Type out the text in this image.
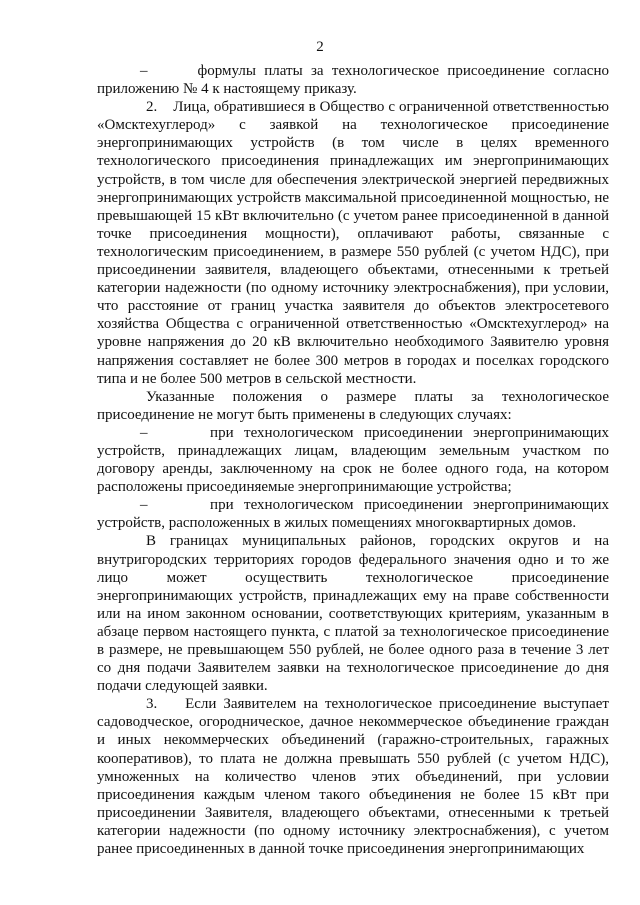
2

–      формулы платы за технологическое присоединение согласно приложению № 4 к настоящему приказу.

2.    Лица, обратившиеся в Общество с ограниченной ответственностью «Омсктехуглерод» с заявкой на технологическое присоединение энергопринимающих устройств (в том числе в целях временного технологического присоединения принадлежащих им энергопринимающих устройств, в том числе для обеспечения электрической энергией передвижных энергопринимающих устройств максимальной присоединенной мощностью, не превышающей 15 кВт включительно (с учетом ранее присоединенной в данной точке присоединения мощности), оплачивают работы, связанные с технологическим присоединением, в размере 550 рублей (с учетом НДС), при присоединении заявителя, владеющего объектами, отнесенными к третьей категории надежности (по одному источнику электроснабжения), при условии, что расстояние от границ участка заявителя до объектов электросетевого хозяйства Общества с ограниченной ответственностью «Омсктехуглерод» на уровне напряжения до 20 кВ включительно необходимого Заявителю уровня напряжения составляет не более 300 метров в городах и поселках городского типа и не более 500 метров в сельской местности.

Указанные положения о размере платы за технологическое присоединение не могут быть применены в следующих случаях:

–      при технологическом присоединении энергопринимающих устройств, принадлежащих лицам, владеющим земельным участком по договору аренды, заключенному на срок не более одного года, на котором расположены присоединяемые энергопринимающие устройства;

–      при технологическом присоединении энергопринимающих устройств, расположенных в жилых помещениях многоквартирных домов.

В границах муниципальных районов, городских округов и на внутригородских территориях городов федерального значения одно и то же лицо может осуществить технологическое присоединение энергопринимающих устройств, принадлежащих ему на праве собственности или на ином законном основании, соответствующих критериям, указанным в абзаце первом настоящего пункта, с платой за технологическое присоединение в размере, не превышающем 550 рублей, не более одного раза в течение 3 лет со дня подачи Заявителем заявки на технологическое присоединение до дня подачи следующей заявки.

3.    Если Заявителем на технологическое присоединение выступает садоводческое, огородническое, дачное некоммерческое объединение граждан и иных некоммерческих объединений (гаражно-строительных, гаражных кооперативов), то плата не должна превышать 550 рублей (с учетом НДС), умноженных на количество членов этих объединений, при условии присоединения каждым членом такого объединения не более 15 кВт при присоединении Заявителя, владеющего объектами, отнесенными к третьей категории надежности (по одному источнику электроснабжения), с учетом ранее присоединенных в данной точке присоединения энергопринимающих
